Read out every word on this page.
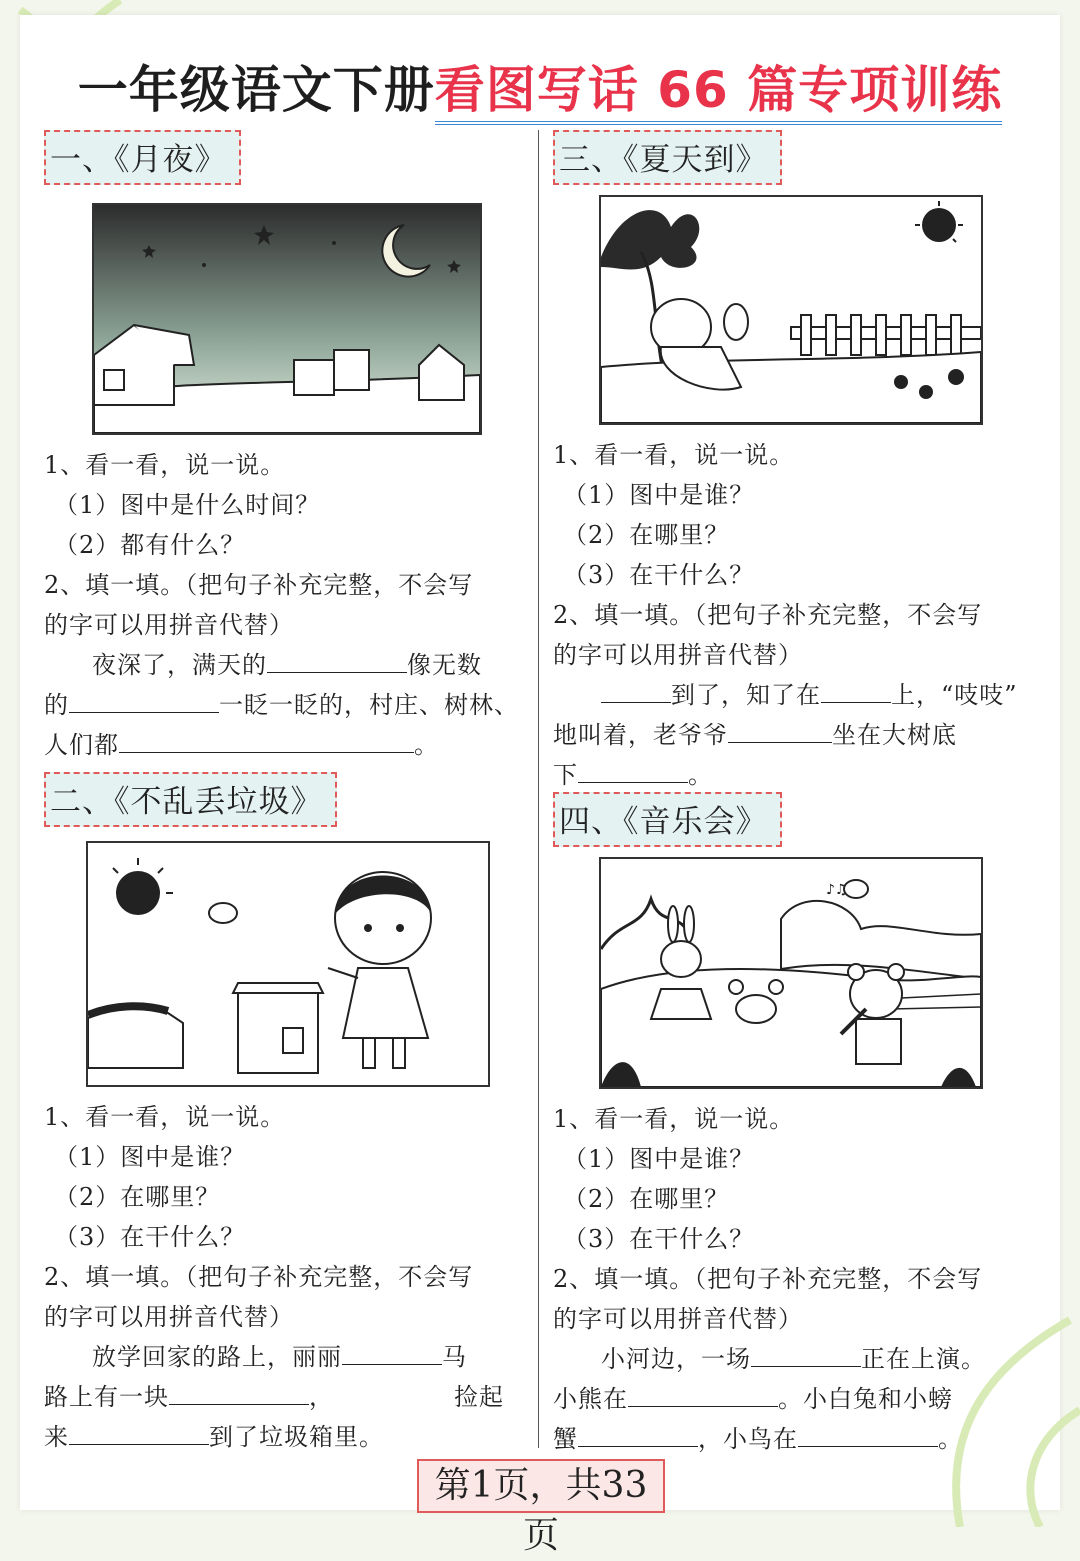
一年级语文下册看图写话 66 篇专项训练
一、《月夜》
1、看一看，说一说。
（1）图中是什么时间？
（2）都有什么？
2、填一填。（把句子补充完整，不会写
的字可以用拼音代替）
夜深了，满天的	像无数
的	一眨一眨的，村庄、树林、
人们都	。
二、《不乱丢垃圾》
1、看一看，说一说。
（1）图中是谁？
（2）在哪里？
（3）在干什么？
2、填一填。（把句子补充完整，不会写
的字可以用拼音代替）
放学回家的路上，丽丽	马
路上有一块	，	捡起
来	到了垃圾箱里。
三、《夏天到》
1、看一看，说一说。
（1）图中是谁？
（2）在哪里？
（3）在干什么？
2、填一填。（把句子补充完整，不会写
的字可以用拼音代替）
到了，知了在	上，“吱吱”
地叫着，老爷爷	坐在大树底
下	。
四、《音乐会》
♪♫
1、看一看，说一说。
（1）图中是谁？
（2）在哪里？
（3）在干什么？
2、填一填。（把句子补充完整，不会写
的字可以用拼音代替）
小河边，一场	正在上演。
小熊在	。小白兔和小螃
蟹	，小鸟在	。
第1页，共33页
